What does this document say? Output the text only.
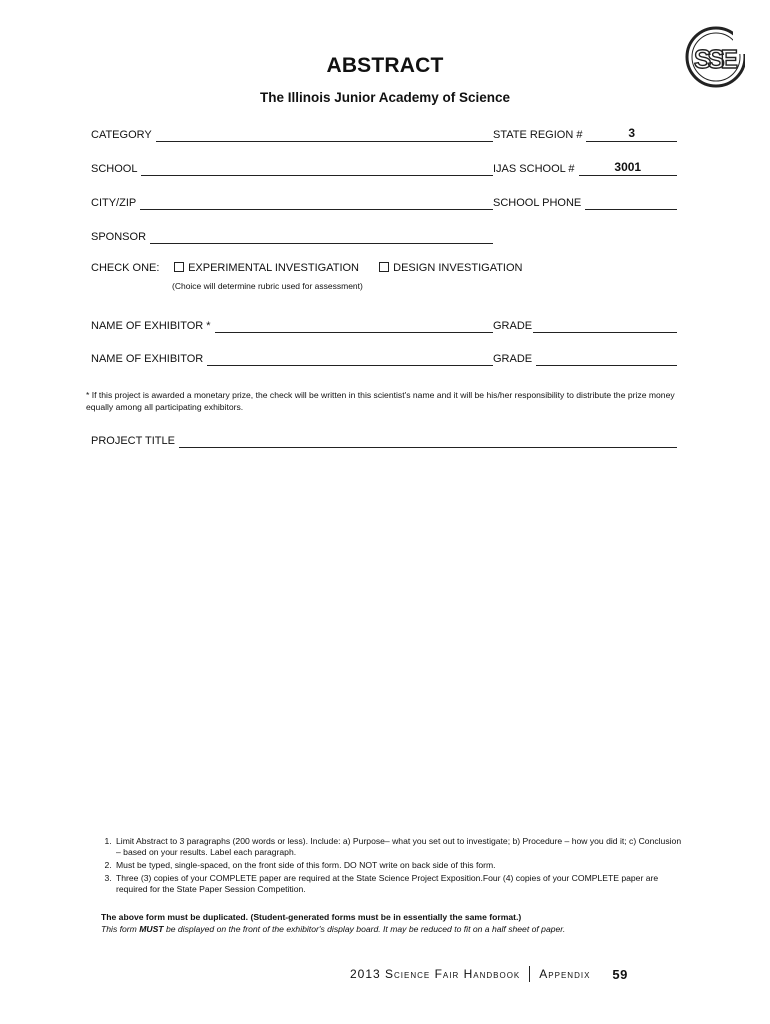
ABSTRACT
The Illinois Junior Academy of Science
SSE
CATEGORY	STATE REGION #	3
SCHOOL	IJAS SCHOOL #	3001
CITY/ZIP	SCHOOL PHONE
SPONSOR
CHECK ONE:	EXPERIMENTAL INVESTIGATION	DESIGN INVESTIGATION
(Choice will determine rubric used for assessment)
NAME OF EXHIBITOR *	GRADE
NAME OF EXHIBITOR	GRADE
* If this project is awarded a monetary prize, the check will be written in this scientist's name and it will be his/her responsibility to distribute the prize money equally among all participating exhibitors.
PROJECT TITLE
1. Limit Abstract to 3 paragraphs (200 words or less). Include: a) Purpose– what you set out to investigate; b) Procedure – how you did it; c) Conclusion – based on your results. Label each paragraph.
2. Must be typed, single-spaced, on the front side of this form. DO NOT write on back side of this form.
3. Three (3) copies of your COMPLETE paper are required at the State Science Project Exposition.Four (4) copies of your COMPLETE paper are required for the State Paper Session Competition.
The above form must be duplicated. (Student-generated forms must be in essentially the same format.)
This form MUST be displayed on the front of the exhibitor's display board. It may be reduced to fit on a half sheet of paper.
2013 Science Fair Handbook Appendix 59
